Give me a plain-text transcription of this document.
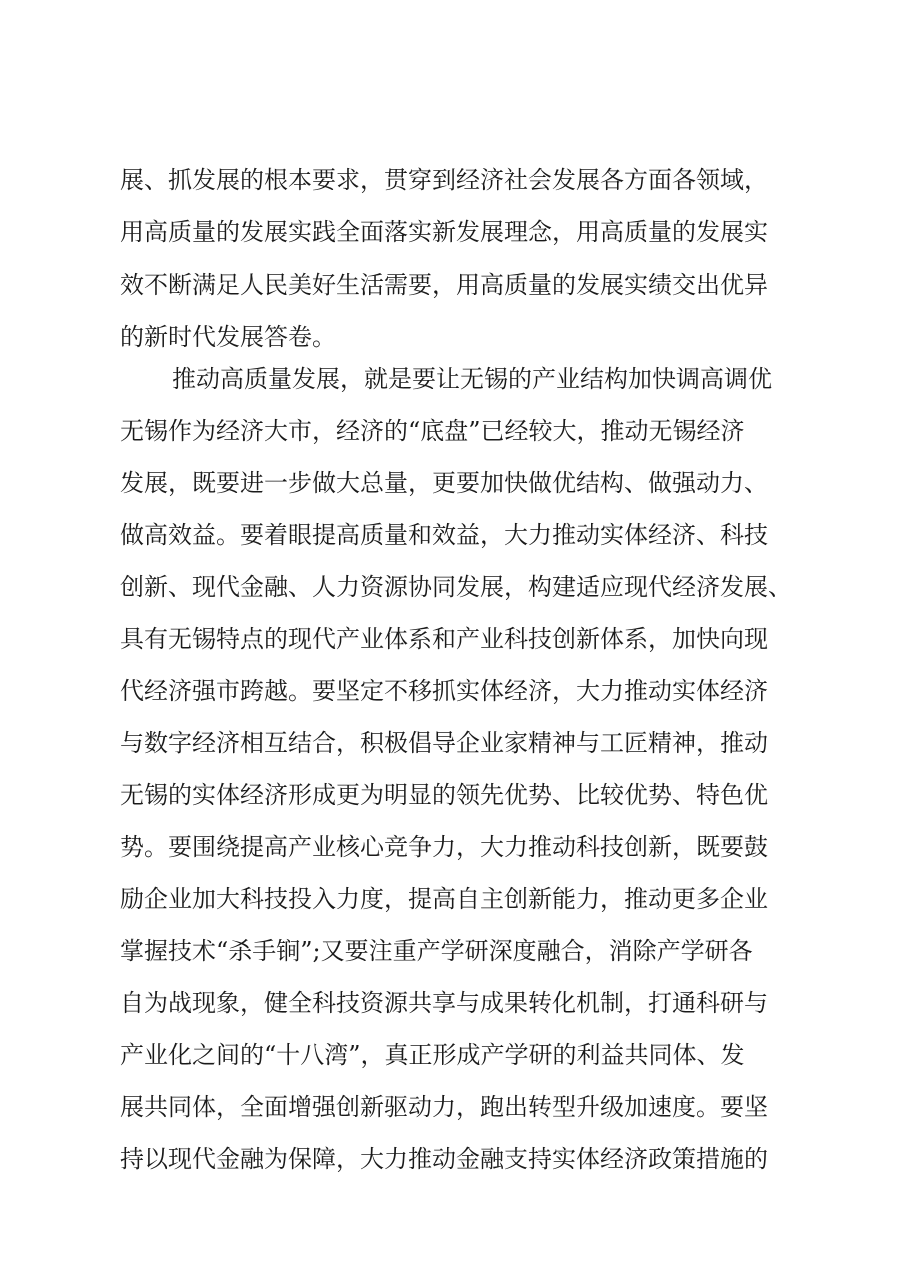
展、抓发展的根本要求，贯穿到经济社会发展各方面各领域，
用高质量的发展实践全面落实新发展理念，用高质量的发展实
效不断满足人民美好生活需要，用高质量的发展实绩交出优异
的新时代发展答卷。
推动高质量发展，就是要让无锡的产业结构加快调高调优
无锡作为经济大市，经济的“底盘”已经较大，推动无锡经济
发展，既要进一步做大总量，更要加快做优结构、做强动力、
做高效益。要着眼提高质量和效益，大力推动实体经济、科技
创新、现代金融、人力资源协同发展，构建适应现代经济发展、
具有无锡特点的现代产业体系和产业科技创新体系，加快向现
代经济强市跨越。要坚定不移抓实体经济，大力推动实体经济
与数字经济相互结合，积极倡导企业家精神与工匠精神，推动
无锡的实体经济形成更为明显的领先优势、比较优势、特色优
势。要围绕提高产业核心竞争力，大力推动科技创新，既要鼓
励企业加大科技投入力度，提高自主创新能力，推动更多企业
掌握技术“杀手锏”;又要注重产学研深度融合，消除产学研各
自为战现象，健全科技资源共享与成果转化机制，打通科研与
产业化之间的“十八湾”，真正形成产学研的利益共同体、发
展共同体，全面增强创新驱动力，跑出转型升级加速度。要坚
持以现代金融为保障，大力推动金融支持实体经济政策措施的
